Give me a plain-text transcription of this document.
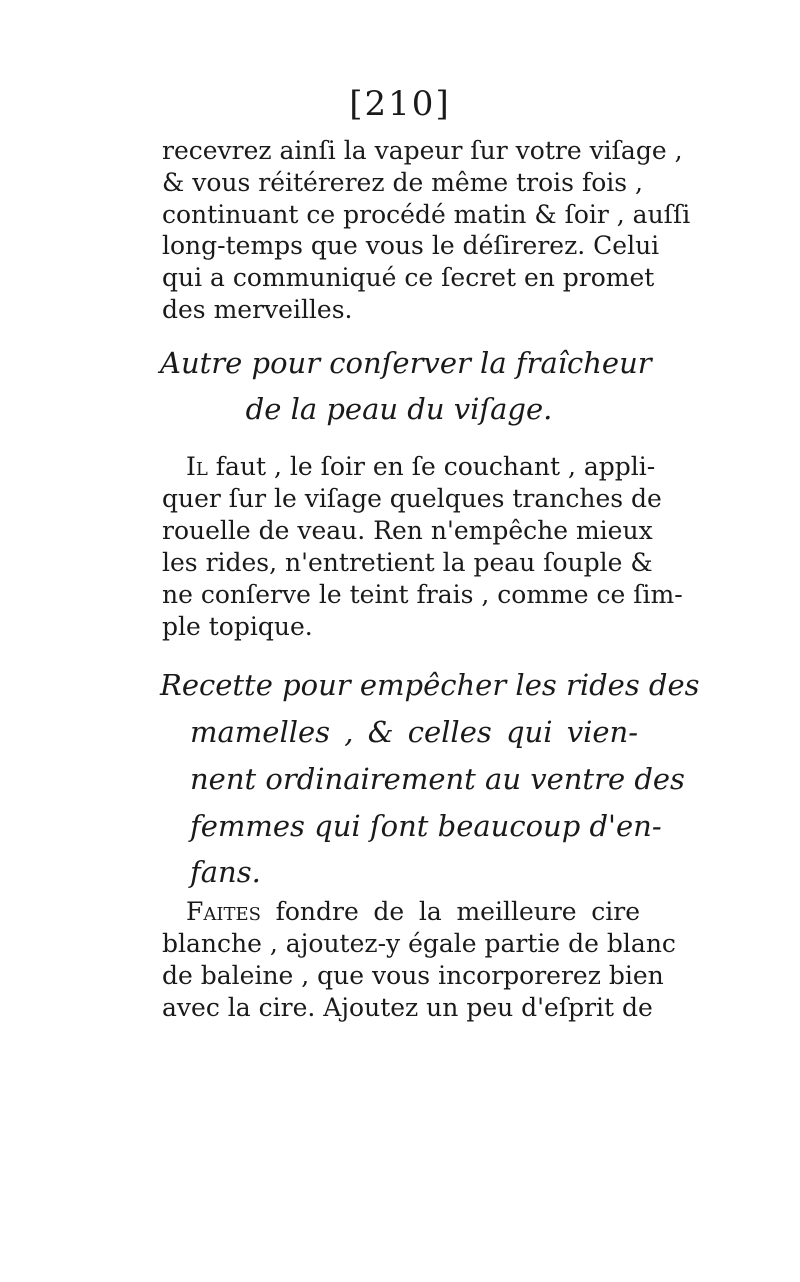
[210]
recevrez ainſi la vapeur ſur votre viſage ,
& vous réitérerez de même trois fois ,
continuant ce procédé matin & ſoir , auſſi
long-temps que vous le déſirerez. Celui
qui a communiqué ce ſecret en promet
des merveilles.
Autre pour conſerver la fraîcheur
de la peau du viſage.
Il faut , le ſoir en ſe couchant , appli-
quer ſur le viſage quelques tranches de
rouelle de veau. Ren n'empêche mieux
les rides, n'entretient la peau ſouple &
ne conſerve le teint frais , comme ce ſim-
ple topique.
Recette pour empêcher les rides des
mamelles , & celles qui vien-
nent ordinairement au ventre des
femmes qui ſont beaucoup d'en-
fans.
Faites fondre de la meilleure cire
blanche , ajoutez-y égale partie de blanc
de baleine , que vous incorporerez bien
avec la cire. Ajoutez un peu d'eſprit de
